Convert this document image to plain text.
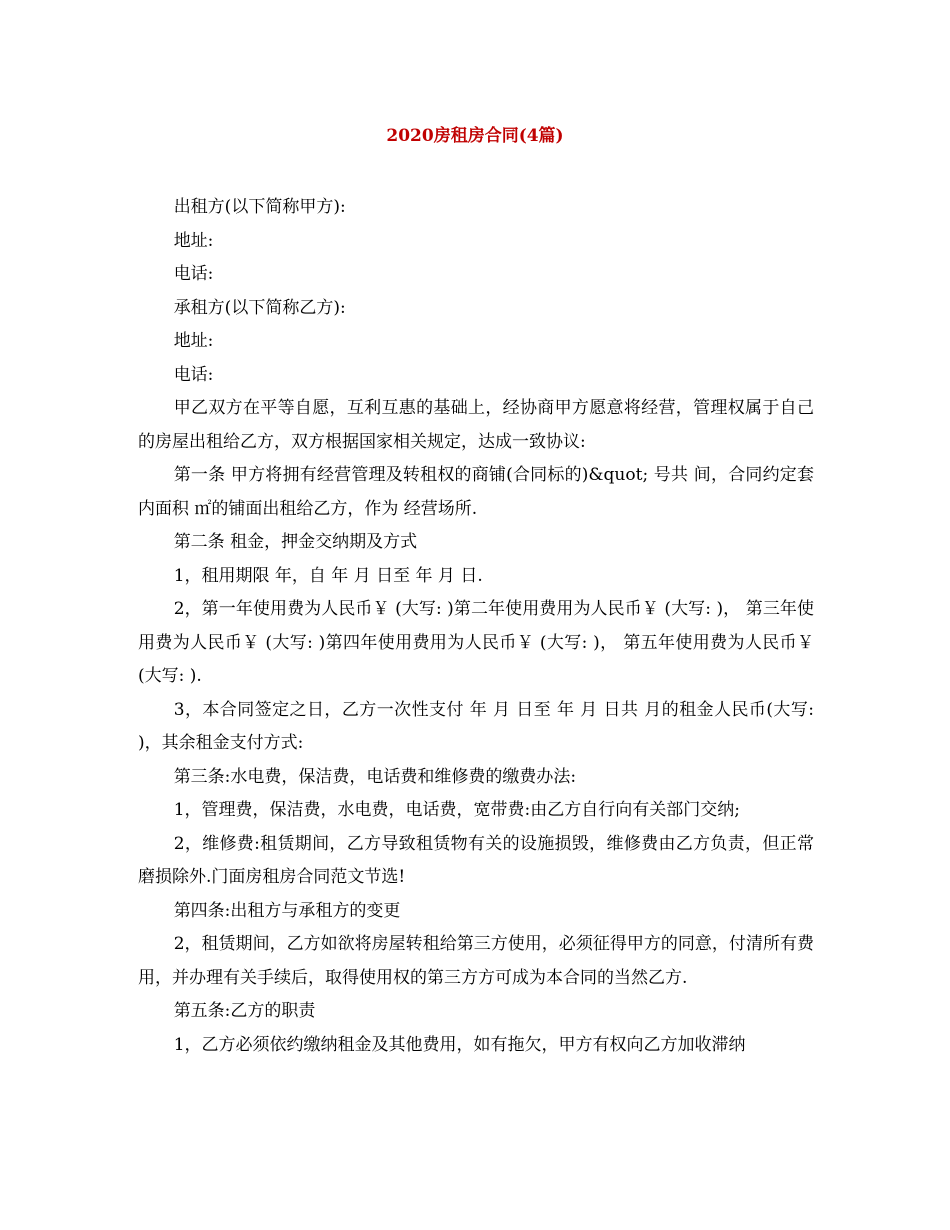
2020房租房合同(4篇)

出租方(以下简称甲方):

地址:

电话:

承租方(以下简称乙方):

地址:

电话:

甲乙双方在平等自愿，互利互惠的基础上，经协商甲方愿意将经营，管理权属于自己的房屋出租给乙方，双方根据国家相关规定，达成一致协议:

第一条 甲方将拥有经营管理及转租权的商铺(合同标的)&quot; 号共 间，合同约定套内面积 ㎡的铺面出租给乙方，作为 经营场所.

第二条 租金，押金交纳期及方式

1，租用期限 年，自 年 月 日至 年 月 日.

2，第一年使用费为人民币￥ (大写: )第二年使用费用为人民币￥ (大写: )， 第三年使用费为人民币￥ (大写: )第四年使用费用为人民币￥ (大写: )， 第五年使用费为人民币￥ (大写: ).

3，本合同签定之日，乙方一次性支付 年 月 日至 年 月 日共 月的租金人民币(大写: )，其余租金支付方式:

第三条:水电费，保洁费，电话费和维修费的缴费办法:

1，管理费，保洁费，水电费，电话费，宽带费:由乙方自行向有关部门交纳;

2，维修费:租赁期间，乙方导致租赁物有关的设施损毁，维修费由乙方负责，但正常磨损除外.门面房租房合同范文节选!

第四条:出租方与承租方的变更

2，租赁期间，乙方如欲将房屋转租给第三方使用，必须征得甲方的同意，付清所有费用，并办理有关手续后，取得使用权的第三方方可成为本合同的当然乙方.

第五条:乙方的职责

1，乙方必须依约缴纳租金及其他费用，如有拖欠，甲方有权向乙方加收滞纳
